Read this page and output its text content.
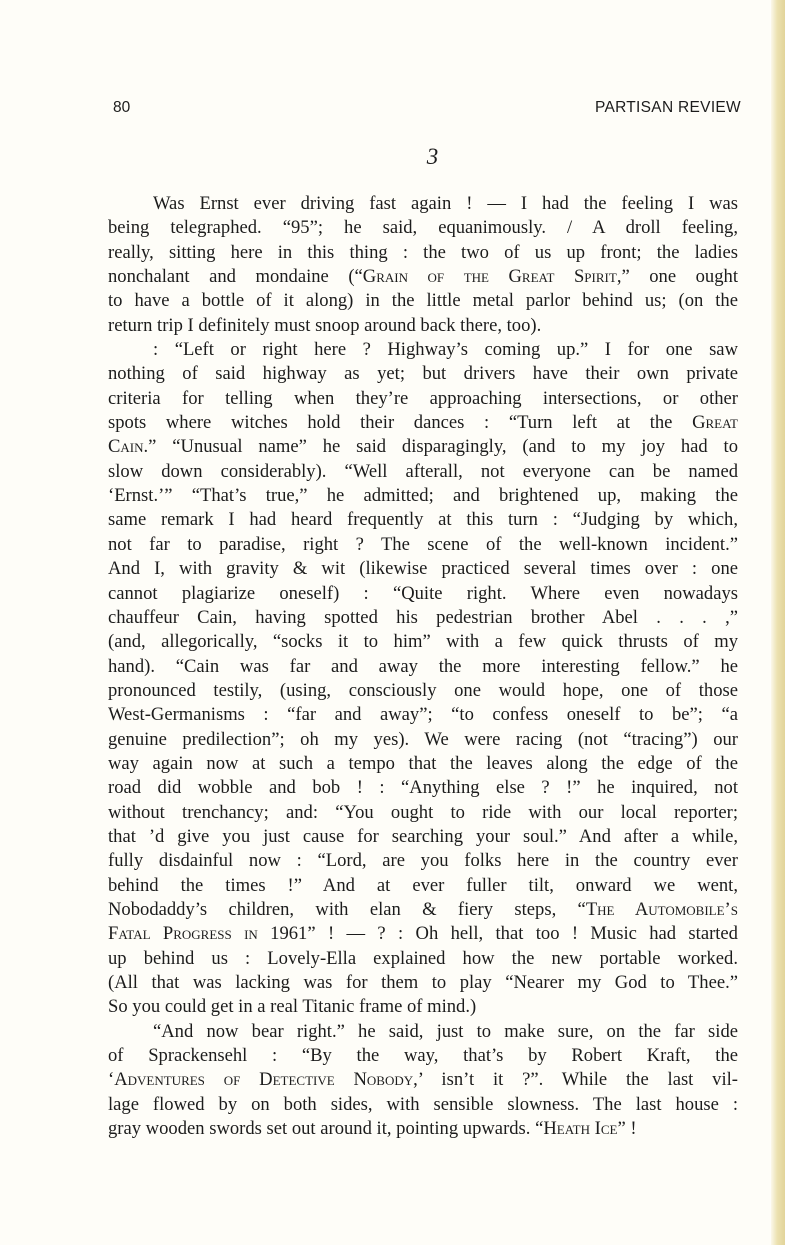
80	PARTISAN REVIEW
3
Was Ernst ever driving fast again ! — I had the feeling I was
being telegraphed. “95”; he said, equanimously. / A droll feeling,
really, sitting here in this thing : the two of us up front; the ladies
nonchalant and mondaine (“Grain of the Great Spirit,” one ought
to have a bottle of it along) in the little metal parlor behind us; (on the
return trip I definitely must snoop around back there, too).
: “Left or right here ? Highway’s coming up.” I for one saw
nothing of said highway as yet; but drivers have their own private
criteria for telling when they’re approaching intersections, or other
spots where witches hold their dances : “Turn left at the Great
Cain.” “Unusual name” he said disparagingly, (and to my joy had to
slow down considerably). “Well afterall, not everyone can be named
‘Ernst.’” “That’s true,” he admitted; and brightened up, making the
same remark I had heard frequently at this turn : “Judging by which,
not far to paradise, right ? The scene of the well-known incident.”
And I, with gravity & wit (likewise practiced several times over : one
cannot plagiarize oneself) : “Quite right. Where even nowadays
chauffeur Cain, having spotted his pedestrian brother Abel . . . ,”
(and, allegorically, “socks it to him” with a few quick thrusts of my
hand). “Cain was far and away the more interesting fellow.” he
pronounced testily, (using, consciously one would hope, one of those
West-Germanisms : “far and away”; “to confess oneself to be”; “a
genuine predilection”; oh my yes). We were racing (not “tracing”) our
way again now at such a tempo that the leaves along the edge of the
road did wobble and bob ! : “Anything else ? !” he inquired, not
without trenchancy; and: “You ought to ride with our local reporter;
that ’d give you just cause for searching your soul.” And after a while,
fully disdainful now : “Lord, are you folks here in the country ever
behind the times !” And at ever fuller tilt, onward we went,
Nobodaddy’s children, with elan & fiery steps, “The Automobile’s
Fatal Progress in 1961” ! — ? : Oh hell, that too ! Music had started
up behind us : Lovely-Ella explained how the new portable worked.
(All that was lacking was for them to play “Nearer my God to Thee.”
So you could get in a real Titanic frame of mind.)
“And now bear right.” he said, just to make sure, on the far side
of Sprackensehl : “By the way, that’s by Robert Kraft, the
‘Adventures of Detective Nobody,’ isn’t it ?”. While the last vil-
lage flowed by on both sides, with sensible slowness. The last house :
gray wooden swords set out around it, pointing upwards. “Heath Ice” !
